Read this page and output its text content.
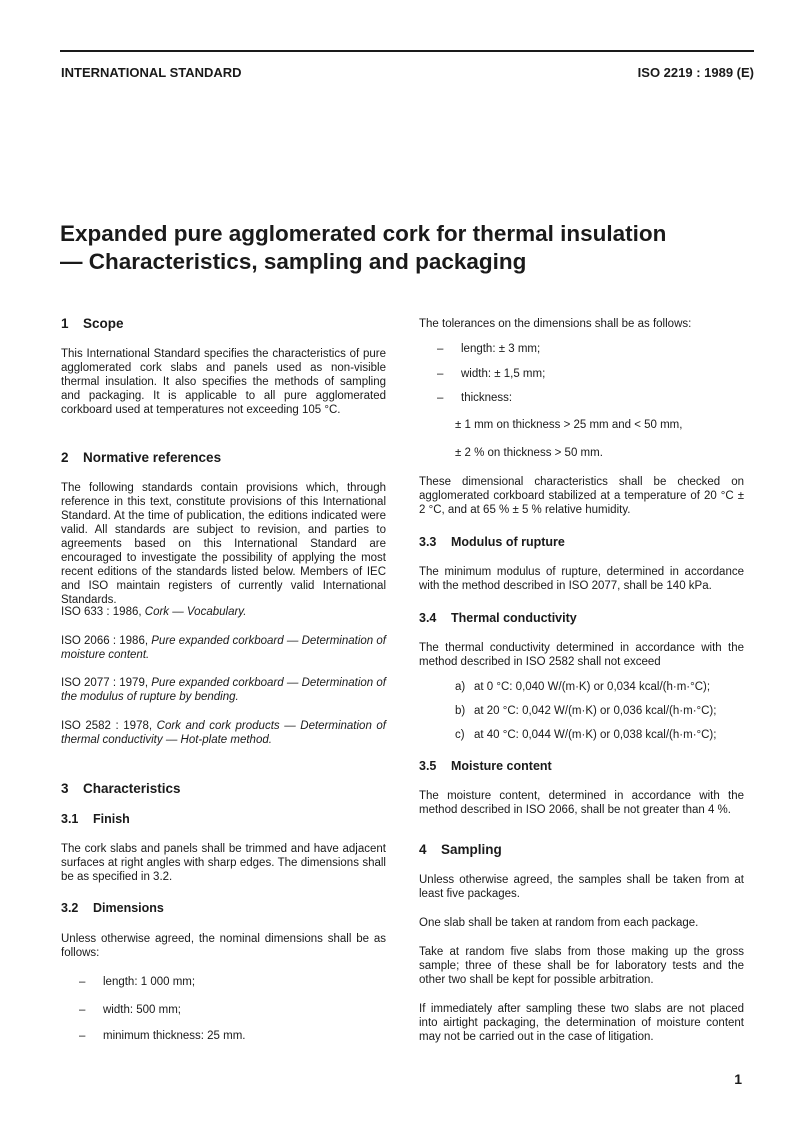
INTERNATIONAL STANDARD	ISO 2219 : 1989 (E)
Expanded pure agglomerated cork for thermal insulation
— Characteristics, sampling and packaging
1 Scope

This International Standard specifies the characteristics of pure agglomerated cork slabs and panels used as non-visible thermal insulation. It also specifies the methods of sampling and packaging. It is applicable to all pure agglomerated corkboard used at temperatures not exceeding 105 °C.

2 Normative references

The following standards contain provisions which, through reference in this text, constitute provisions of this International Standard. At the time of publication, the editions indicated were valid. All standards are subject to revision, and parties to agreements based on this International Standard are encouraged to investigate the possibility of applying the most recent editions of the standards listed below. Members of IEC and ISO maintain registers of currently valid International Standards.

ISO 633 : 1986, Cork — Vocabulary.

ISO 2066 : 1986, Pure expanded corkboard — Determination of moisture content.

ISO 2077 : 1979, Pure expanded corkboard — Determination of the modulus of rupture by bending.

ISO 2582 : 1978, Cork and cork products — Determination of thermal conductivity — Hot-plate method.

3 Characteristics
3.1 Finish

The cork slabs and panels shall be trimmed and have adjacent surfaces at right angles with sharp edges. The dimensions shall be as specified in 3.2.

3.2 Dimensions

Unless otherwise agreed, the nominal dimensions shall be as follows:

– length: 1 000 mm;
– width: 500 mm;
– minimum thickness: 25 mm.

The tolerances on the dimensions shall be as follows:

– length: ± 3 mm;
– width: ± 1,5 mm;
– thickness:
± 1 mm on thickness > 25 mm and < 50 mm,
± 2 % on thickness > 50 mm.

These dimensional characteristics shall be checked on agglomerated corkboard stabilized at a temperature of 20 °C ± 2 °C, and at 65 % ± 5 % relative humidity.

3.3 Modulus of rupture

The minimum modulus of rupture, determined in accordance with the method described in ISO 2077, shall be 140 kPa.

3.4 Thermal conductivity

The thermal conductivity determined in accordance with the method described in ISO 2582 shall not exceed

a) at 0 °C: 0,040 W/(m·K) or 0,034 kcal/(h·m·°C);
b) at 20 °C: 0,042 W/(m·K) or 0,036 kcal/(h·m·°C);
c) at 40 °C: 0,044 W/(m·K) or 0,038 kcal/(h·m·°C);
3.5 Moisture content

The moisture content, determined in accordance with the method described in ISO 2066, shall be not greater than 4 %.

4 Sampling

Unless otherwise agreed, the samples shall be taken from at least five packages.

One slab shall be taken at random from each package.

Take at random five slabs from those making up the gross sample; three of these shall be for laboratory tests and the other two shall be kept for possible arbitration.

If immediately after sampling these two slabs are not placed into airtight packaging, the determination of moisture content may not be carried out in the case of litigation.

1
